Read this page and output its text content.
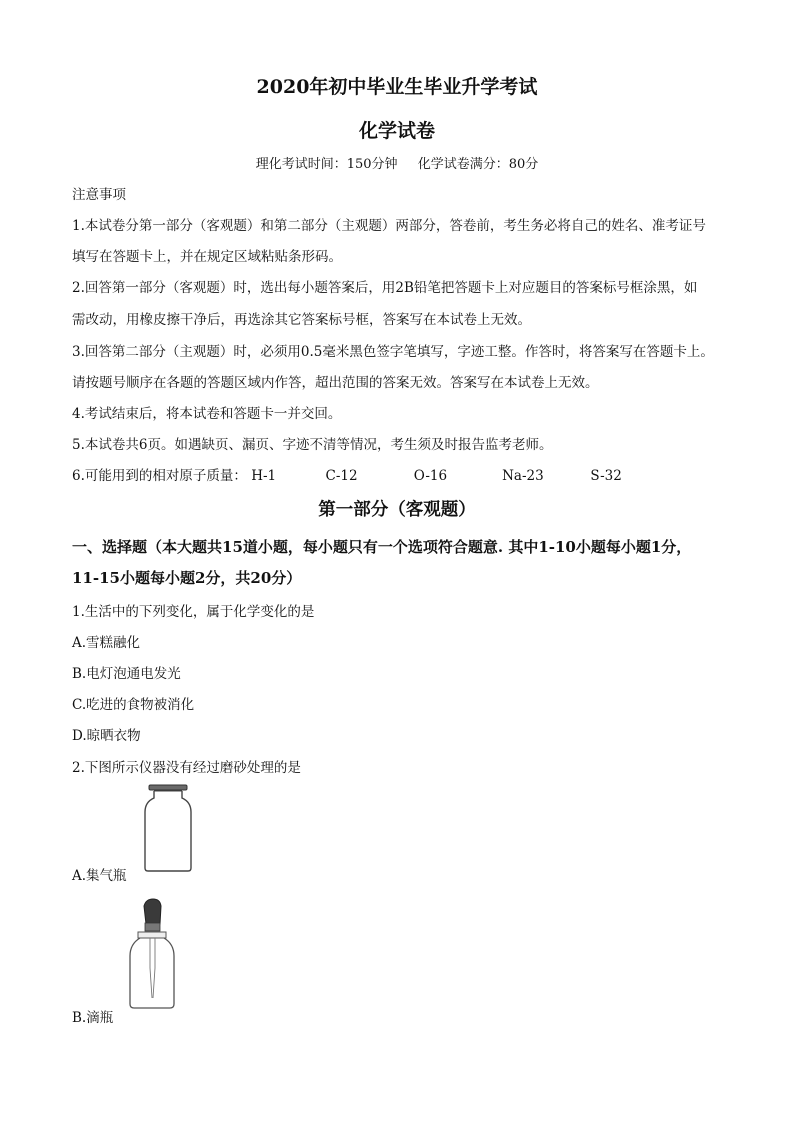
2020年初中毕业生毕业升学考试
化学试卷
理化考试时间：150分钟 化学试卷满分：80分
注意事项
1.本试卷分第一部分（客观题）和第二部分（主观题）两部分，答卷前，考生务必将自己的姓名、准考证号
填写在答题卡上，并在规定区域粘贴条形码。
2.回答第一部分（客观题）时，选出每小题答案后，用2B铅笔把答题卡上对应题目的答案标号框涂黑，如
需改动，用橡皮擦干净后，再选涂其它答案标号框，答案写在本试卷上无效。
3.回答第二部分（主观题）时，必须用0.5毫米黑色签字笔填写，字迹工整。作答时，将答案写在答题卡上。
请按题号顺序在各题的答题区域内作答，超出范围的答案无效。答案写在本试卷上无效。
4.考试结束后，将本试卷和答题卡一并交回。
5.本试卷共6页。如遇缺页、漏页、字迹不清等情况，考生须及时报告监考老师。
6.可能用到的相对原子质量： H-1	C-12	O-16	Na-23	S-32
第一部分（客观题）
一、选择题（本大题共15道小题，每小题只有一个选项符合题意. 其中1-10小题每小题1分，
11-15小题每小题2分，共20分）
1.生活中的下列变化，属于化学变化的是
A.雪糕融化
B.电灯泡通电发光
C.吃进的食物被消化
D.晾晒衣物
2.下图所示仪器没有经过磨砂处理的是
A.集气瓶
B.滴瓶
